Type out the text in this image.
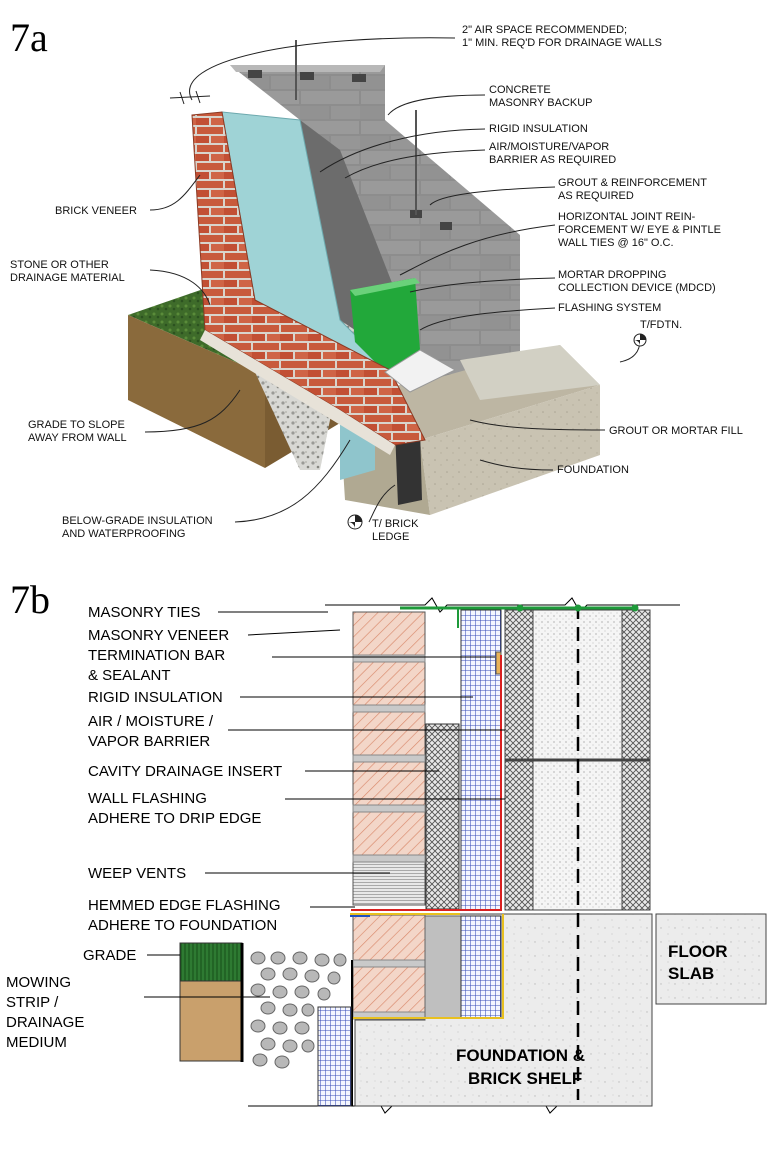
7a	2" AIR SPACE RECOMMENDED;
1" MIN. REQ'D FOR DRAINAGE WALLS
CONCRETE
MASONRY BACKUP
RIGID INSULATION
AIR/MOISTURE/VAPOR
BARRIER AS REQUIRED
GROUT & REINFORCEMENT
AS REQUIRED
HORIZONTAL JOINT REIN-
FORCEMENT W/ EYE & PINTLE
WALL TIES @ 16" O.C.
MORTAR DROPPING
COLLECTION DEVICE (MDCD)
FLASHING SYSTEM
T/FDTN.
GROUT OR MORTAR FILL
FOUNDATION
BRICK VENEER
STONE OR OTHER
DRAINAGE MATERIAL
GRADE TO SLOPE
AWAY FROM WALL
BELOW-GRADE INSULATION
AND WATERPROOFING
T/ BRICK
LEDGE
7b	MASONRY TIES
MASONRY VENEER
TERMINATION BAR
& SEALANT
RIGID INSULATION
AIR / MOISTURE /
VAPOR BARRIER
CAVITY DRAINAGE INSERT
WALL FLASHING
ADHERE TO DRIP EDGE
WEEP VENTS
HEMMED EDGE FLASHING
ADHERE TO FOUNDATION
GRADE
MOWING
STRIP /
DRAINAGE
MEDIUM
FLOOR
SLAB
FOUNDATION &
BRICK SHELF
